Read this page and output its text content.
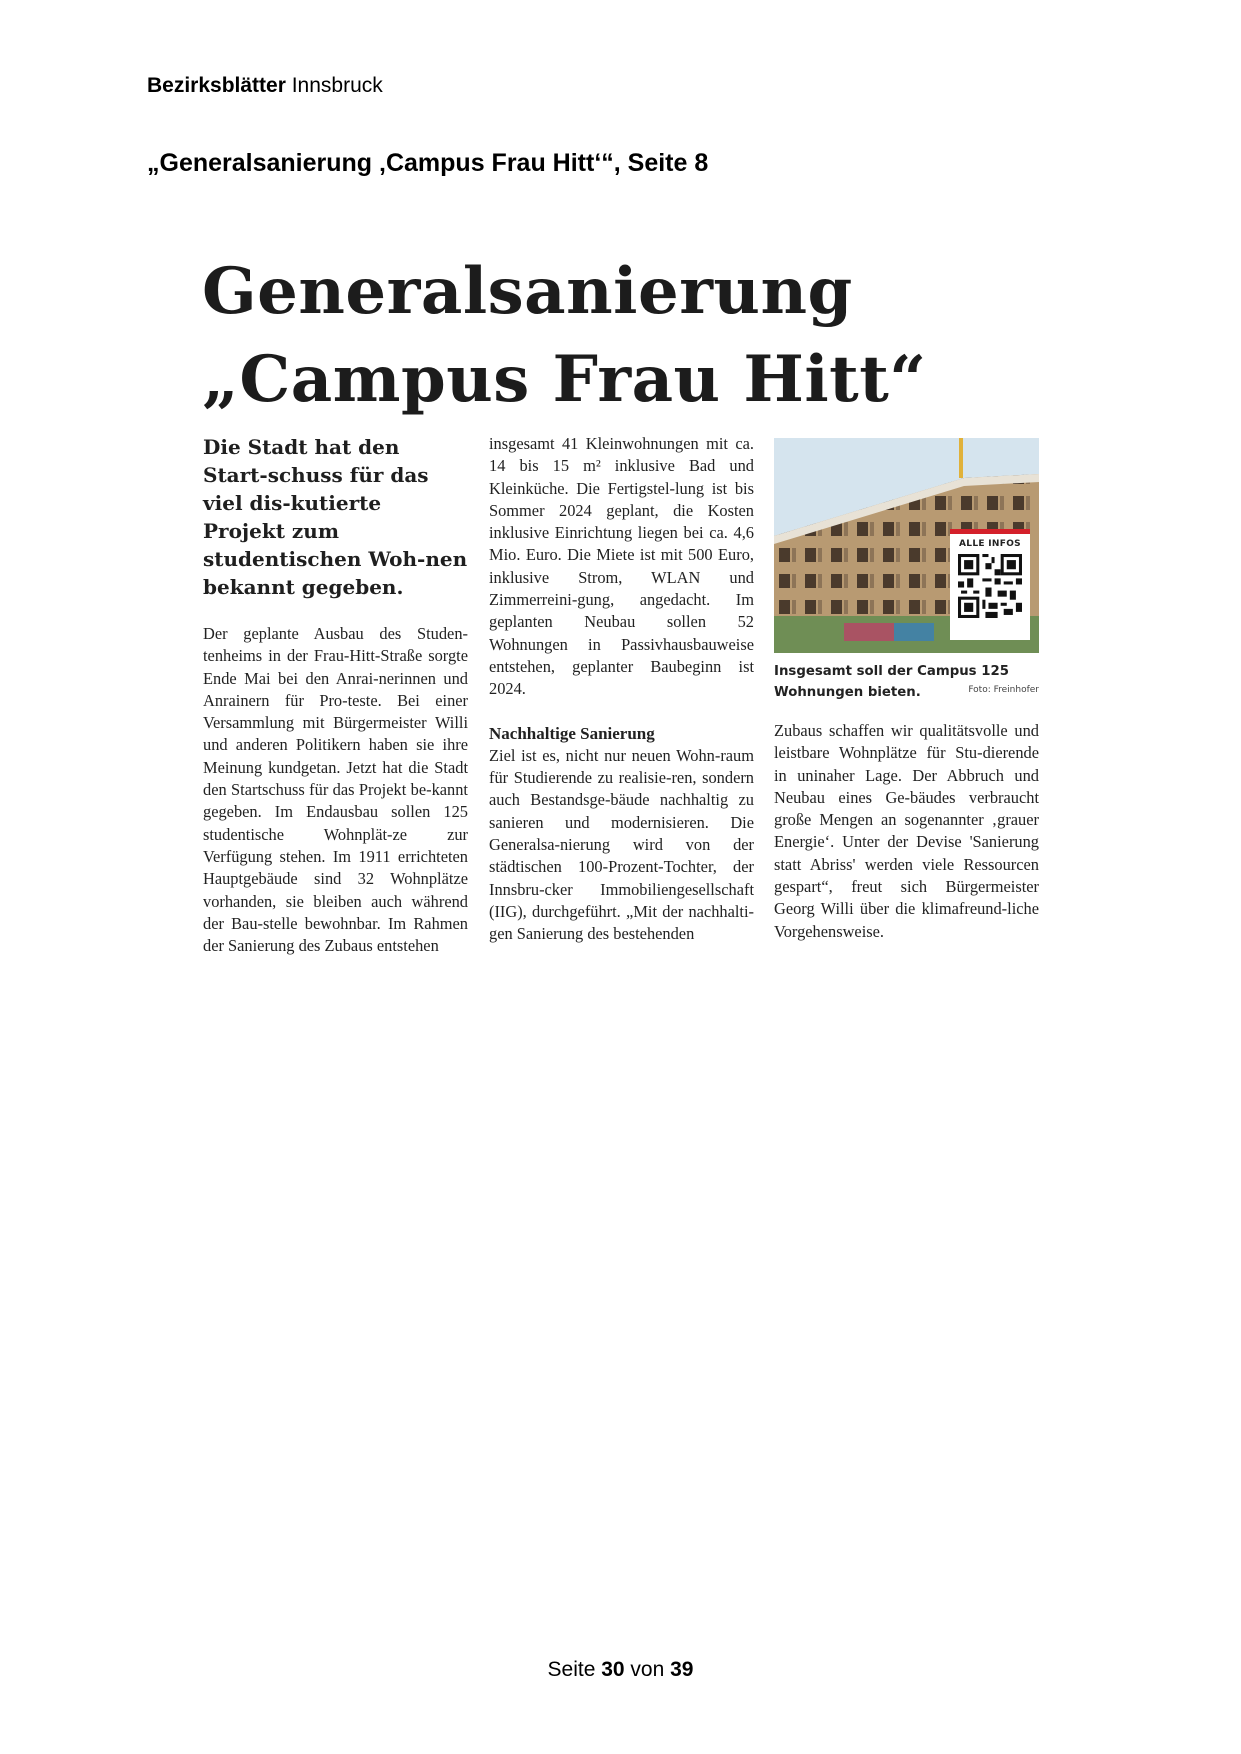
Bezirksblätter Innsbruck
„Generalsanierung ‚Campus Frau Hitt‘“, Seite 8
Generalsanierung
„Campus Frau Hitt“

Die Stadt hat den Start-schuss für das viel dis-kutierte Projekt zum studentischen Woh-nen bekannt gegeben.

Der geplante Ausbau des Studen-tenheims in der Frau-Hitt-Straße sorgte Ende Mai bei den Anrai-nerinnen und Anrainern für Pro-teste. Bei einer Versammlung mit Bürgermeister Willi und anderen Politikern haben sie ihre Meinung kundgetan. Jetzt hat die Stadt den Startschuss für das Projekt be-kannt gegeben. Im Endausbau sollen 125 studentische Wohnplät-ze zur Verfügung stehen. Im 1911 errichteten Hauptgebäude sind 32 Wohnplätze vorhanden, sie bleiben auch während der Bau-stelle bewohnbar. Im Rahmen der Sanierung des Zubaus entstehen

insgesamt 41 Kleinwohnungen mit ca. 14 bis 15 m² inklusive Bad und Kleinküche. Die Fertigstel-lung ist bis Sommer 2024 geplant, die Kosten inklusive Einrichtung liegen bei ca. 4,6 Mio. Euro. Die Miete ist mit 500 Euro, inklusive Strom, WLAN und Zimmerreini-gung, angedacht. Im geplanten Neubau sollen 52 Wohnungen in Passivhausbauweise entstehen, geplanter Baubeginn ist 2024.

Nachhaltige Sanierung

Ziel ist es, nicht nur neuen Wohn-raum für Studierende zu realisie-ren, sondern auch Bestandsge-bäude nachhaltig zu sanieren und modernisieren. Die Generalsa-nierung wird von der städtischen 100-Prozent-Tochter, der Innsbru-cker Immobiliengesellschaft (IIG), durchgeführt. „Mit der nachhalti-gen Sanierung des bestehenden

ALLE INFOS
Insgesamt soll der Campus 125 Wohnungen bieten.	Foto: Freinhofer

Zubaus schaffen wir qualitätsvolle und leistbare Wohnplätze für Stu-dierende in uninaher Lage. Der Abbruch und Neubau eines Ge-bäudes verbraucht große Mengen an sogenannter ‚grauer Energie‘. Unter der Devise 'Sanierung statt Abriss' werden viele Ressourcen gespart“, freut sich Bürgermeister Georg Willi über die klimafreund-liche Vorgehensweise.

Seite 30 von 39
